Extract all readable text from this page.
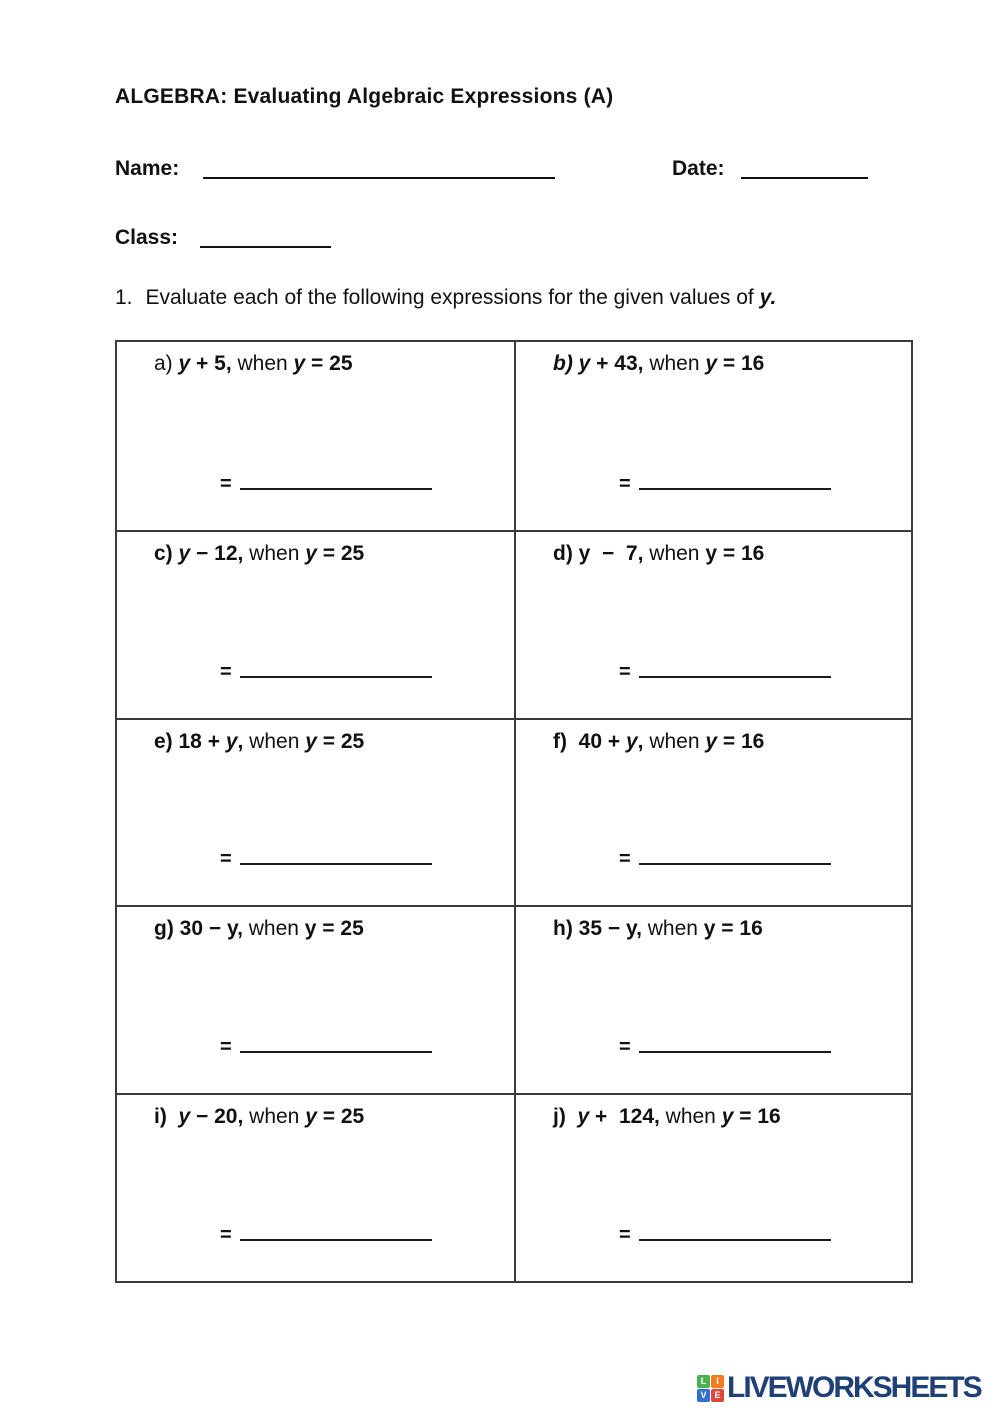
ALGEBRA: Evaluating Algebraic Expressions (A)
Name:	Date:
Class:
1. Evaluate each of the following expressions for the given values of y.
a) y + 5, when y = 25
=
b) y + 43, when y = 16
=
c) y − 12, when y = 25
=
d) y  −  7, when y = 16
=
e) 18 + y, when y = 25
=
f)  40 + y, when y = 16
=
g) 30 − y, when y = 25
=
h) 35 − y, when y = 16
=
i)  y − 20, when y = 25
=
j)  y +  124, when y = 16
=
L	I
V E LIVEWORKSHEETS
